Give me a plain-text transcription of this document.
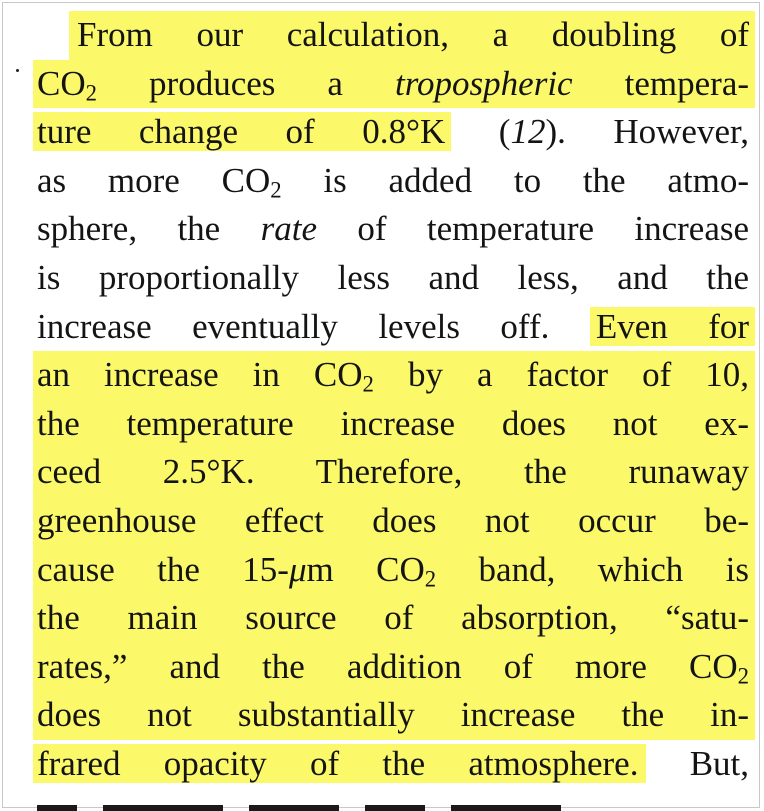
From our calculation, a doubling of
$CO_2$ produces a tropospheric tempera-
ture change of 0.8°K (12). However,
as more $CO_2$ is added to the atmo-
sphere, the rate of temperature increase
is proportionally less and less, and the
increase eventually levels off. Even for
an increase in $CO_2$ by a factor of 10,
the temperature increase does not ex-
ceed 2.5°K. Therefore, the runaway
greenhouse effect does not occur be-
cause the 15-μm $CO_2$ band, which is
the main source of absorption, “satu-
rates,” and the addition of more $CO_2$
does not substantially increase the in-
frared opacity of the atmosphere. But,
